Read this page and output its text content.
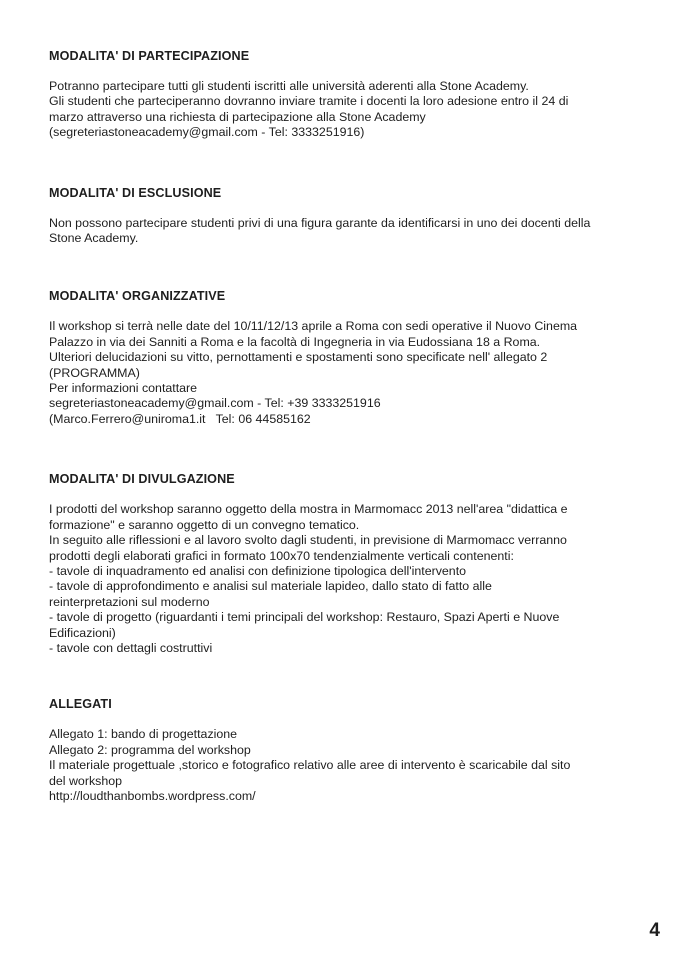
MODALITA' DI PARTECIPAZIONE
Potranno partecipare tutti gli studenti iscritti alle università aderenti alla Stone Academy.
Gli studenti che parteciperanno dovranno inviare tramite i docenti la loro adesione entro il 24 di
marzo attraverso una richiesta di partecipazione alla Stone Academy
(segreteriastoneacademy@gmail.com - Tel: 3333251916)
MODALITA' DI ESCLUSIONE
Non possono partecipare studenti privi di una figura garante da identificarsi in uno dei docenti della
Stone Academy.
MODALITA' ORGANIZZATIVE
Il workshop si terrà nelle date del 10/11/12/13 aprile a Roma con sedi operative il Nuovo Cinema
Palazzo in via dei Sanniti a Roma e la facoltà di Ingegneria in via Eudossiana 18 a Roma.
Ulteriori delucidazioni su vitto, pernottamenti e spostamenti sono specificate nell' allegato 2
(PROGRAMMA)
Per informazioni contattare
segreteriastoneacademy@gmail.com - Tel: +39 3333251916
(Marco.Ferrero@uniroma1.it   Tel: 06 44585162
MODALITA' DI DIVULGAZIONE
I prodotti del workshop saranno oggetto della mostra in Marmomacc 2013 nell'area "didattica e
formazione" e saranno oggetto di un convegno tematico.
In seguito alle riflessioni e al lavoro svolto dagli studenti, in previsione di Marmomacc verranno
prodotti degli elaborati grafici in formato 100x70 tendenzialmente verticali contenenti:
- tavole di inquadramento ed analisi con definizione tipologica dell'intervento
- tavole di approfondimento e analisi sul materiale lapideo, dallo stato di fatto alle
reinterpretazioni sul moderno
- tavole di progetto (riguardanti i temi principali del workshop: Restauro, Spazi Aperti e Nuove
Edificazioni)
- tavole con dettagli costruttivi
ALLEGATI
Allegato 1: bando di progettazione
Allegato 2: programma del workshop
Il materiale progettuale ,storico e fotografico relativo alle aree di intervento è scaricabile dal sito
del workshop
http://loudthanbombs.wordpress.com/
4
